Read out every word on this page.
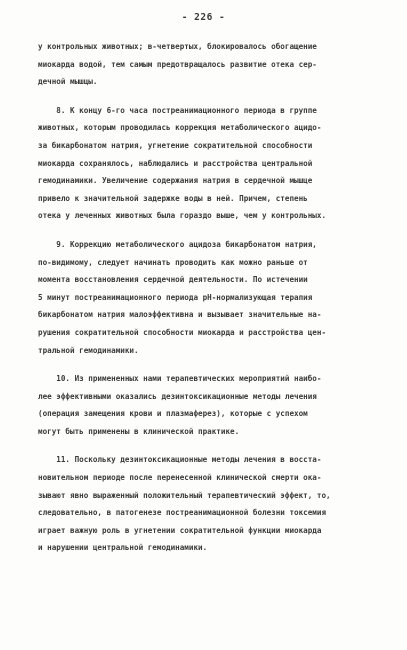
- 226 -
у контрольных животных; в-четвертых, блокировалось обогащение
миокарда водой, тем самым предотвращалось развитие отека сер-
дечной мышцы.
8. К концу 6-го часа постреанимационного периода в группе
животных, которым проводилась коррекция метаболического ацидо-
за бикарбонатом натрия, угнетение сократительной способности
миокарда сохранялось, наблюдались и расстройства центральной
гемодинамики. Увеличение содержания натрия в сердечной мышце
привело к значительной задержке воды в ней. Причем, степень
отека у леченных животных была гораздо выше, чем у контрольных.
9. Коррекцию метаболического ацидоза бикарбонатом натрия,
по-видимому, следует начинать проводить как можно раньше от
момента восстановления сердечной деятельности. По истечении
5 минут постреанимационного периода pH-нормализующая терапия
бикарбонатом натрия малоэффективна и вызывает значительные на-
рушения сократительной способности миокарда и расстройства цен-
тральной гемодинамики.
10. Из примененных нами терапевтических мероприятий наибо-
лее эффективными оказались дезинтоксикационные методы лечения
(операция замещения крови и плазмаферез), которые с успехом
могут быть применены в клинической практике.
11. Поскольку дезинтоксикационные методы лечения в восста-
новительном периоде после перенесенной клинической смерти ока-
зывают явно выраженный положительный терапевтический эффект, то,
следовательно, в патогенезе постреанимационной болезни токсемия
играет важную роль в угнетении сократительной функции миокарда
и нарушении центральной гемодинамики.
